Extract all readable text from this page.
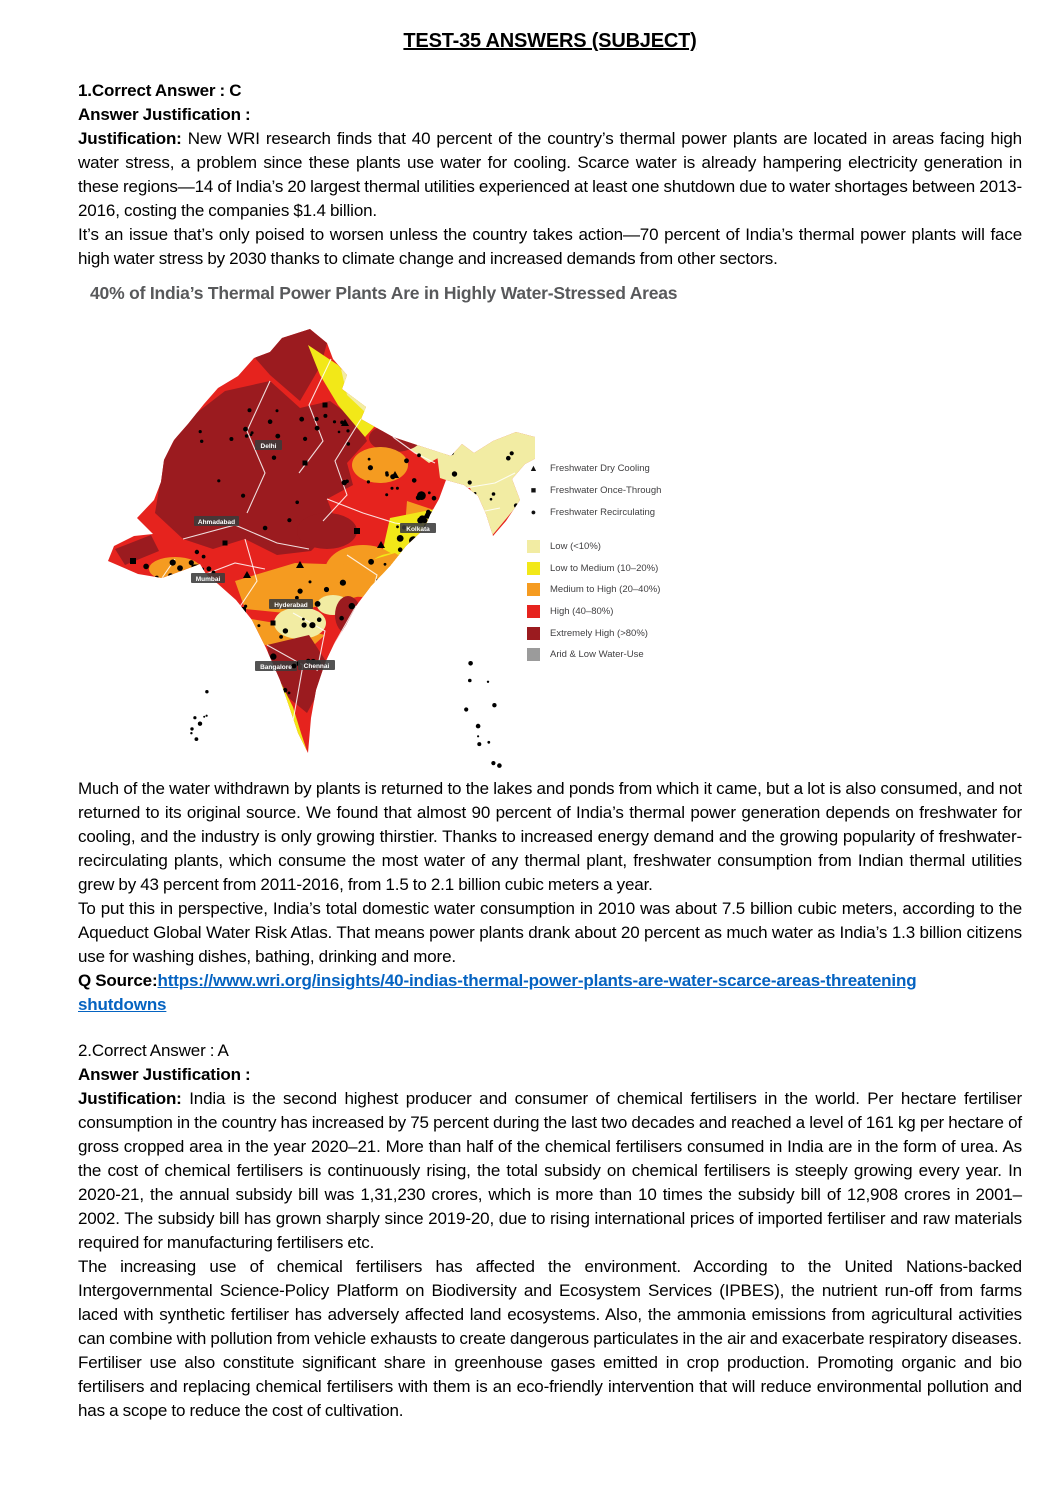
TEST-35 ANSWERS (SUBJECT)

1.Correct Answer : C

Answer Justification :

Justification: New WRI research finds that 40 percent of the country’s thermal power plants are located in areas facing high water stress, a problem since these plants use water for cooling. Scarce water is already hampering electricity generation in these regions—14 of India’s 20 largest thermal utilities experienced at least one shutdown due to water shortages between 2013-2016, costing the companies $1.4 billion.

It’s an issue that’s only poised to worsen unless the country takes action—70 percent of India’s thermal power plants will face high water stress by 2030 thanks to climate change and increased demands from other sectors.

40% of India’s Thermal Power Plants Are in Highly Water-Stressed Areas
Delhi
Ahmadabad
Mumbai
Hyderabad
Kolkata
Bangalore Chennai
▲ Freshwater Dry Cooling
■	Freshwater Once-Through
●	Freshwater Recirculating
Low (<10%)
Low to Medium (10–20%)
Medium to High (20–40%)
High (40–80%)
Extremely High (>80%)
Arid & Low Water-Use

Much of the water withdrawn by plants is returned to the lakes and ponds from which it came, but a lot is also consumed, and not returned to its original source. We found that almost 90 percent of India’s thermal power generation depends on freshwater for cooling, and the industry is only growing thirstier. Thanks to increased energy demand and the growing popularity of freshwater-recirculating plants, which consume the most water of any thermal plant, freshwater consumption from Indian thermal utilities grew by 43 percent from 2011-2016, from 1.5 to 2.1 billion cubic meters a year.

To put this in perspective, India’s total domestic water consumption in 2010 was about 7.5 billion cubic meters, according to the Aqueduct Global Water Risk Atlas. That means power plants drank about 20 percent as much water as India’s 1.3 billion citizens use for washing dishes, bathing, drinking and more.

Q Source:https://www.wri.org/insights/40-indias-thermal-power-plants-are-water-scarce-areas-threatening
shutdowns

2.Correct Answer : A

Answer Justification :

Justification: India is the second highest producer and consumer of chemical fertilisers in the world. Per hectare fertiliser consumption in the country has increased by 75 percent during the last two decades and reached a level of 161 kg per hectare of gross cropped area in the year 2020–21. More than half of the chemical fertilisers consumed in India are in the form of urea. As the cost of chemical fertilisers is continuously rising, the total subsidy on chemical fertilisers is steeply growing every year. In 2020-21, the annual subsidy bill was 1,31,230 crores, which is more than 10 times the subsidy bill of 12,908 crores in 2001–2002. The subsidy bill has grown sharply since 2019-20, due to rising international prices of imported fertiliser and raw materials required for manufacturing fertilisers etc.

The increasing use of chemical fertilisers has affected the environment. According to the United Nations-backed Intergovernmental Science-Policy Platform on Biodiversity and Ecosystem Services (IPBES), the nutrient run-off from farms laced with synthetic fertiliser has adversely affected land ecosystems. Also, the ammonia emissions from agricultural activities can combine with pollution from vehicle exhausts to create dangerous particulates in the air and exacerbate respiratory diseases. Fertiliser use also constitute significant share in greenhouse gases emitted in crop production. Promoting organic and bio fertilisers and replacing chemical fertilisers with them is an eco-friendly intervention that will reduce environmental pollution and has a scope to reduce the cost of cultivation.
